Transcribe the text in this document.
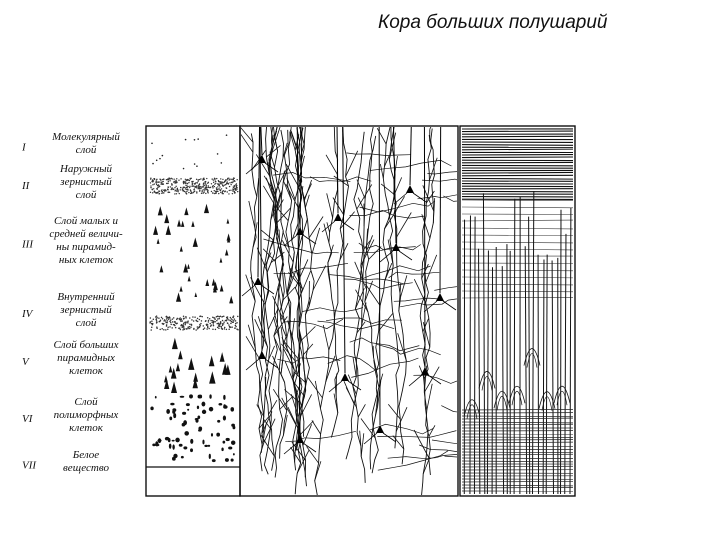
Кора больших полушарий
I
Молекулярный
слой
II
Наружный
зернистый
слой
III
Слой малых и
средней величи-
ны пирамид-
ных клеток
IV
Внутренний
зернистый
слой
V
Слой больших
пирамидных
клеток
VI
Слой
полиморфных
клеток
VII
Белое
вещество
